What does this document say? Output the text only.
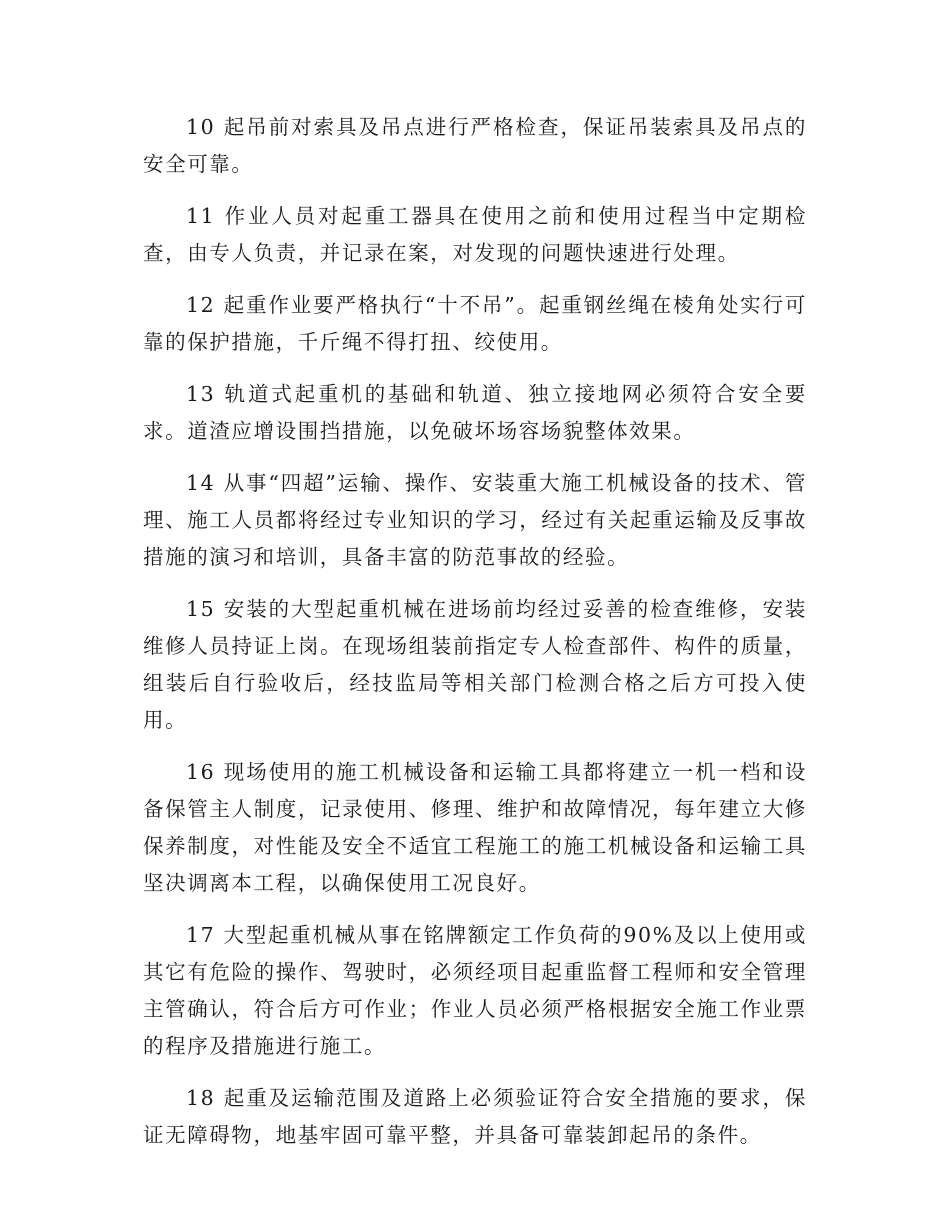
10 起吊前对索具及吊点进行严格检查，保证吊装索具及吊点的安全可靠。

11 作业人员对起重工器具在使用之前和使用过程当中定期检查，由专人负责，并记录在案，对发现的问题快速进行处理。

12 起重作业要严格执行“十不吊”。起重钢丝绳在棱角处实行可靠的保护措施，千斤绳不得打扭、绞使用。

13 轨道式起重机的基础和轨道、独立接地网必须符合安全要求。道渣应增设围挡措施，以免破坏场容场貌整体效果。

14 从事“四超”运输、操作、安装重大施工机械设备的技术、管理、施工人员都将经过专业知识的学习，经过有关起重运输及反事故措施的演习和培训，具备丰富的防范事故的经验。

15 安装的大型起重机械在进场前均经过妥善的检查维修，安装维修人员持证上岗。在现场组装前指定专人检查部件、构件的质量，组装后自行验收后，经技监局等相关部门检测合格之后方可投入使用。

16 现场使用的施工机械设备和运输工具都将建立一机一档和设备保管主人制度，记录使用、修理、维护和故障情况，每年建立大修保养制度，对性能及安全不适宜工程施工的施工机械设备和运输工具坚决调离本工程，以确保使用工况良好。

17 大型起重机械从事在铭牌额定工作负荷的90%及以上使用或其它有危险的操作、驾驶时，必须经项目起重监督工程师和安全管理主管确认，符合后方可作业；作业人员必须严格根据安全施工作业票的程序及措施进行施工。

18 起重及运输范围及道路上必须验证符合安全措施的要求，保证无障碍物，地基牢固可靠平整，并具备可靠装卸起吊的条件。
